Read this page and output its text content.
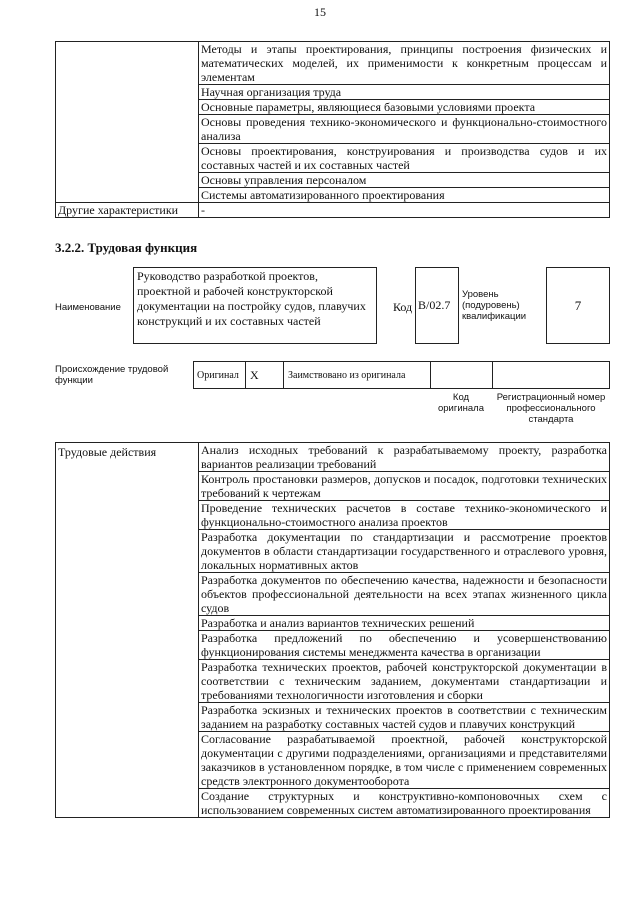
15
	Методы и этапы проектирования, принципы построения физических и математических моделей, их применимости к конкретным процессам и элементам
	Научная организация труда
	Основные параметры, являющиеся базовыми условиями проекта
	Основы проведения технико-экономического и функционально-стоимостного анализа
	Основы проектирования, конструирования и производства судов и их составных частей и их составных частей
	Основы управления персоналом
	Системы автоматизированного проектирования
Другие характеристики	-
3.2.2. Трудовая функция
Наименование
Руководство разработкой проектов, проектной и рабочей конструкторской документации на постройку судов, плавучих конструкций и их составных частей
Код B/02.7
Уровень (подуровень) квалификации
7
Происхождение трудовой функции	Оригинал X	Заимствовано из оригинала
Код оригинала
Регистрационный номер профессионального стандарта
Трудовые действия	Анализ исходных требований к разрабатываемому проекту, разработка вариантов реализации требований
Контроль простановки размеров, допусков и посадок, подготовки технических требований к чертежам
Проведение технических расчетов в составе технико-экономического и функционально-стоимостного анализа проектов
Разработка документации по стандартизации и рассмотрение проектов документов в области стандартизации государственного и отраслевого уровня, локальных нормативных актов
Разработка документов по обеспечению качества, надежности и безопасности объектов профессиональной деятельности на всех этапах жизненного цикла судов
Разработка и анализ вариантов технических решений
Разработка предложений по обеспечению и усовершенствованию функционирования системы менеджмента качества в организации
Разработка технических проектов, рабочей конструкторской документации в соответствии с техническим заданием, документами стандартизации и требованиями технологичности изготовления и сборки
Разработка эскизных и технических проектов в соответствии с техническим заданием на разработку составных частей судов и плавучих конструкций
Согласование разрабатываемой проектной, рабочей конструкторской документации с другими подразделениями, организациями и представителями заказчиков в установленном порядке, в том числе с применением современных средств электронного документооборота
Создание структурных и конструктивно-компоновочных схем с использованием современных систем автоматизированного проектирования
